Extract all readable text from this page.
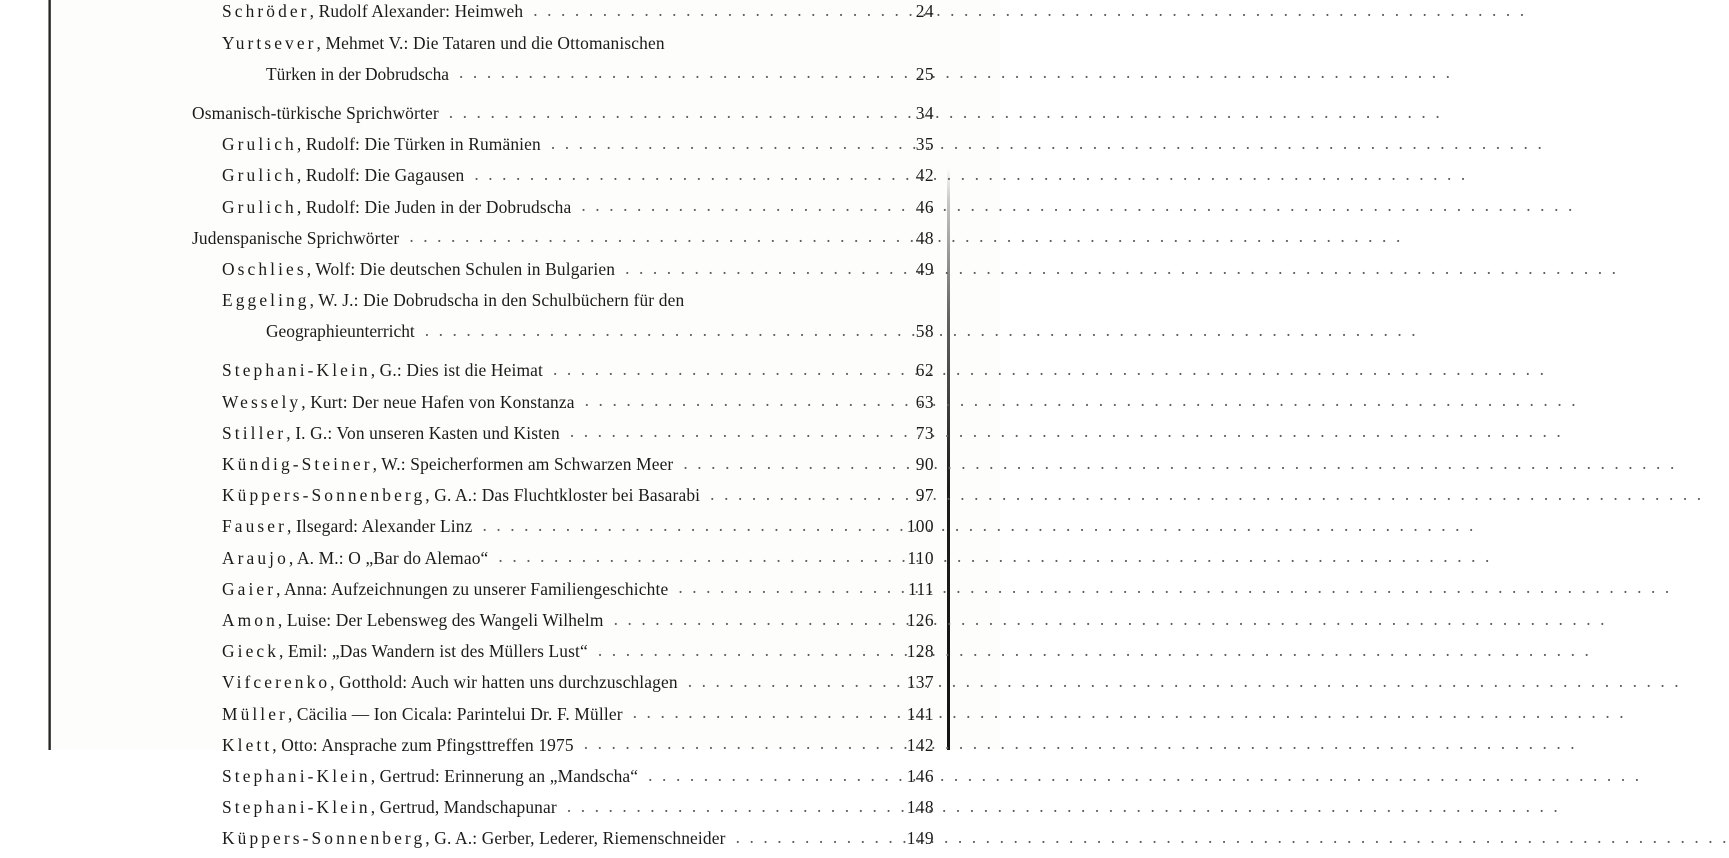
Schröder, Rudolf Alexander: Heimweh . . .	24
Yurtsever, Mehmet V.: Die Tataren und die Ottomanischen
Türken in der Dobrudscha . . .	25
Osmanisch-türkische Sprichwörter . . .	34
Grulich, Rudolf: Die Türken in Rumänien . . .	35
Grulich, Rudolf: Die Gagausen . . .	42
Grulich, Rudolf: Die Juden in der Dobrudscha . . .	46
Judenspanische Sprichwörter . . .	48
Oschlies, Wolf: Die deutschen Schulen in Bulgarien . . .	49
Eggeling, W. J.: Die Dobrudscha in den Schulbüchern für den
Geographieunterricht . . .	58
Stephani-Klein, G.: Dies ist die Heimat . . .	62
Wessely, Kurt: Der neue Hafen von Konstanza . . .	63
Stiller, I. G.: Von unseren Kasten und Kisten . . .	73
Kündig-Steiner, W.: Speicherformen am Schwarzen Meer . . .	90
Küppers-Sonnenberg, G. A.: Das Fluchtkloster bei Basarabi . . .	97
Fauser, Ilsegard: Alexander Linz . . .	100
Araujo, A. M.: O „Bar do Alemao“ . . .	110
Gaier, Anna: Aufzeichnungen zu unserer Familiengeschichte . . .	111
Amon, Luise: Der Lebensweg des Wangeli Wilhelm . . .	126
Gieck, Emil: „Das Wandern ist des Müllers Lust“ . . .	128
Vifcerenko, Gotthold: Auch wir hatten uns durchzuschlagen . . .	137
Müller, Cäcilia — Ion Cicala: Parintelui Dr. F. Müller . . .	141
Klett, Otto: Ansprache zum Pfingsttreffen 1975 . . .	142
Stephani-Klein, Gertrud: Erinnerung an „Mandscha“ . . .	146
Stephani-Klein, Gertrud, Mandschapunar . . .	148
Küppers-Sonnenberg, G. A.: Gerber, Lederer, Riemenschneider . . .	149
